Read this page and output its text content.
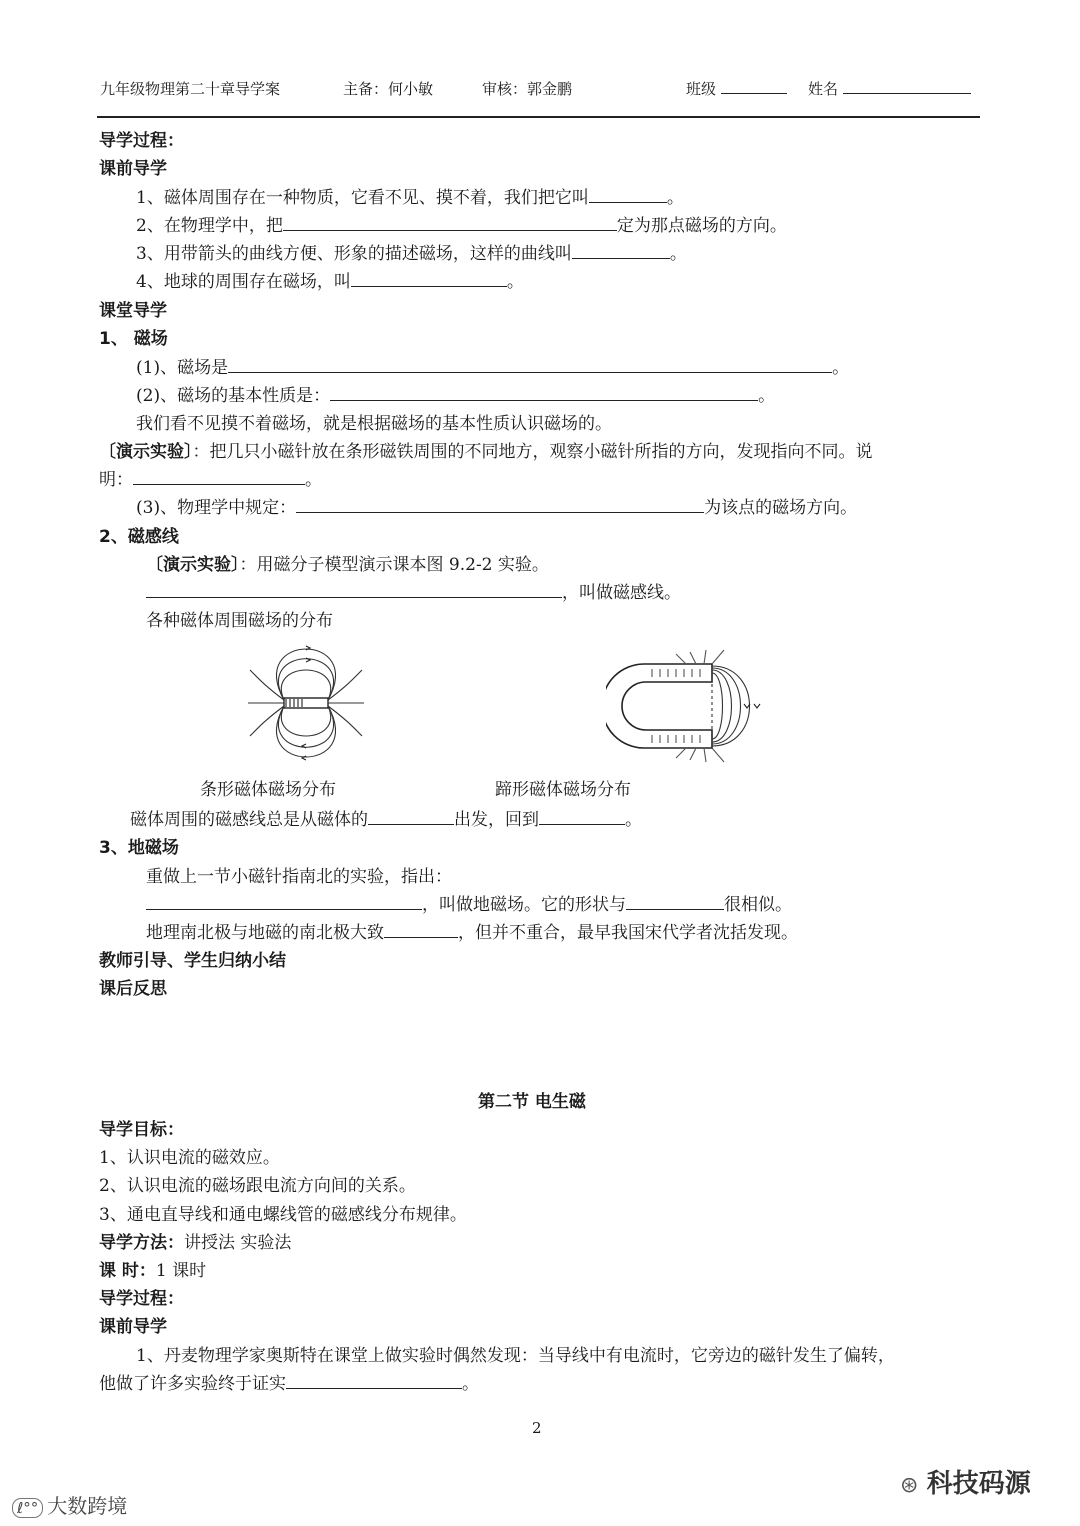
九年级物理第二十章导学案	主备：何小敏	审核：郭金鹏	班级	姓名
导学过程：
课前导学
1、磁体周围存在一种物质，它看不见、摸不着，我们把它叫	。
2、在物理学中，把	定为那点磁场的方向。
3、用带箭头的曲线方便、形象的描述磁场，这样的曲线叫	。
4、地球的周围存在磁场，叫	。
课堂导学
1、 磁场
(1)、磁场是	。
(2)、磁场的基本性质是：	。
我们看不见摸不着磁场，就是根据磁场的基本性质认识磁场的。
〔演示实验〕：把几只小磁针放在条形磁铁周围的不同地方，观察小磁针所指的方向，发现指向不同。说
明：	。
(3)、物理学中规定：	为该点的磁场方向。
2、磁感线
〔演示实验〕：用磁分子模型演示课本图 9.2-2 实验。
，叫做磁感线。
各种磁体周围磁场的分布
条形磁体磁场分布	蹄形磁体磁场分布
磁体周围的磁感线总是从磁体的	出发，回到	。
3、地磁场
重做上一节小磁针指南北的实验，指出：
，叫做地磁场。它的形状与	很相似。
地理南北极与地磁的南北极大致	，但并不重合，最早我国宋代学者沈括发现。
教师引导、学生归纳小结
课后反思
第二节 电生磁
导学目标：
1、认识电流的磁效应。
2、认识电流的磁场跟电流方向间的关系。
3、通电直导线和通电螺线管的磁感线分布规律。
导学方法：讲授法 实验法
课 时：1 课时
导学过程：
课前导学
1、丹麦物理学家奥斯特在课堂上做实验时偶然发现：当导线中有电流时，它旁边的磁针发生了偏转，
他做了许多实验终于证实	。
2
ℓ°° 大数跨境
⊛ 科技码源
